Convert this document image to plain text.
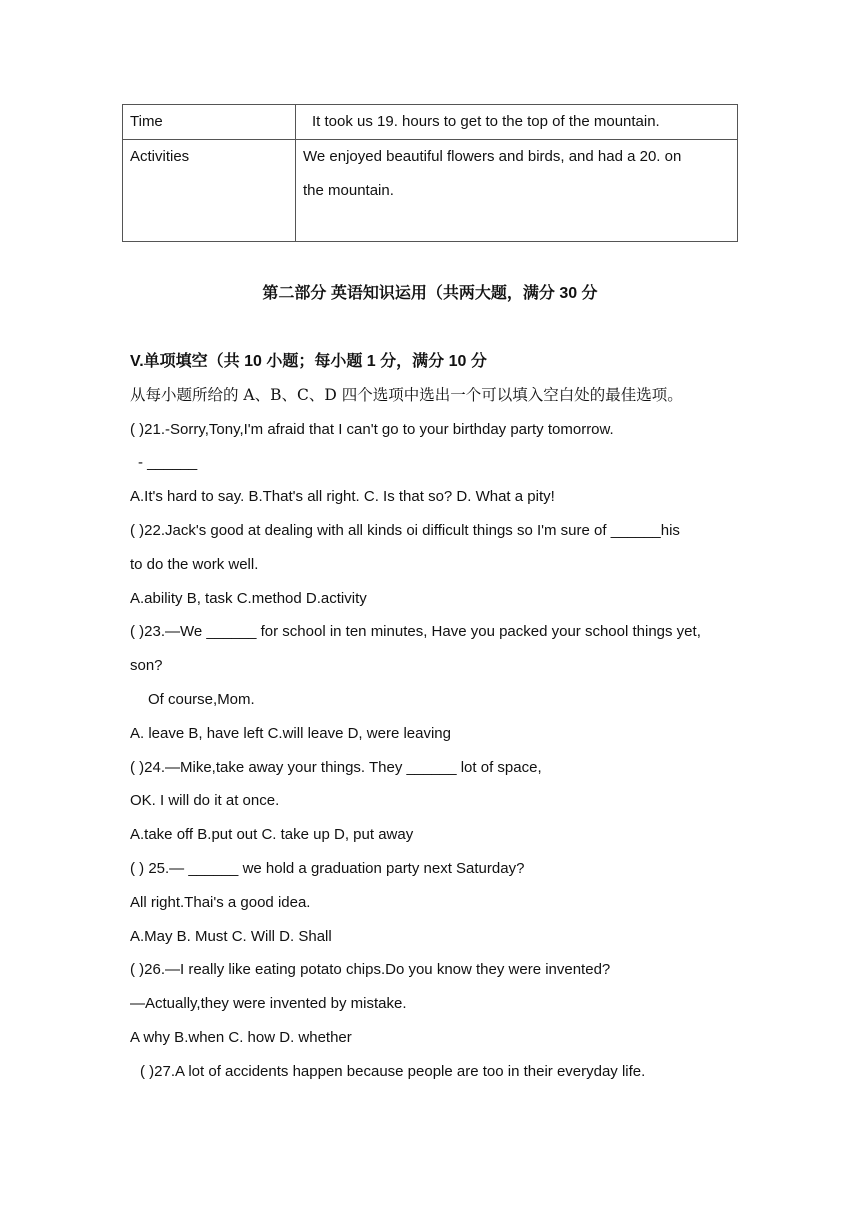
Time	It took us 19. hours to get to the top of the mountain.
Activities	We enjoyed beautiful flowers and birds, and had a 20. on
the mountain.
第二部分 英语知识运用（共两大题，满分 30 分

V.单项填空（共 10 小题；每小题 1 分，满分 10 分

从每小题所给的 A、B、C、D 四个选项中选出一个可以填入空白处的最佳选项。

( )21.-Sorry,Tony,I'm afraid that I can't go to your birthday party tomorrow.

- ______

A.It's hard to say. B.That's all right. C. Is that so? D. What a pity!

( )22.Jack's good at dealing with all kinds oi difficult things so I'm sure of ______his

to do the work well.

A.ability B, task C.method D.activity

( )23.—We ______ for school in ten minutes, Have you packed your school things yet,

son?

Of course,Mom.

A. leave B, have left C.will leave D, were leaving

( )24.—Mike,take away your things. They ______ lot of space,

OK. I will do it at once.

A.take off B.put out C. take up D, put away

( ) 25.— ______ we hold a graduation party next Saturday?

All right.Thai's a good idea.

A.May B. Must C. Will D. Shall

( )26.—I really like eating potato chips.Do you know they were invented?

—Actually,they were invented by mistake.

A why B.when C. how D. whether

( )27.A lot of accidents happen because people are too in their everyday life.
